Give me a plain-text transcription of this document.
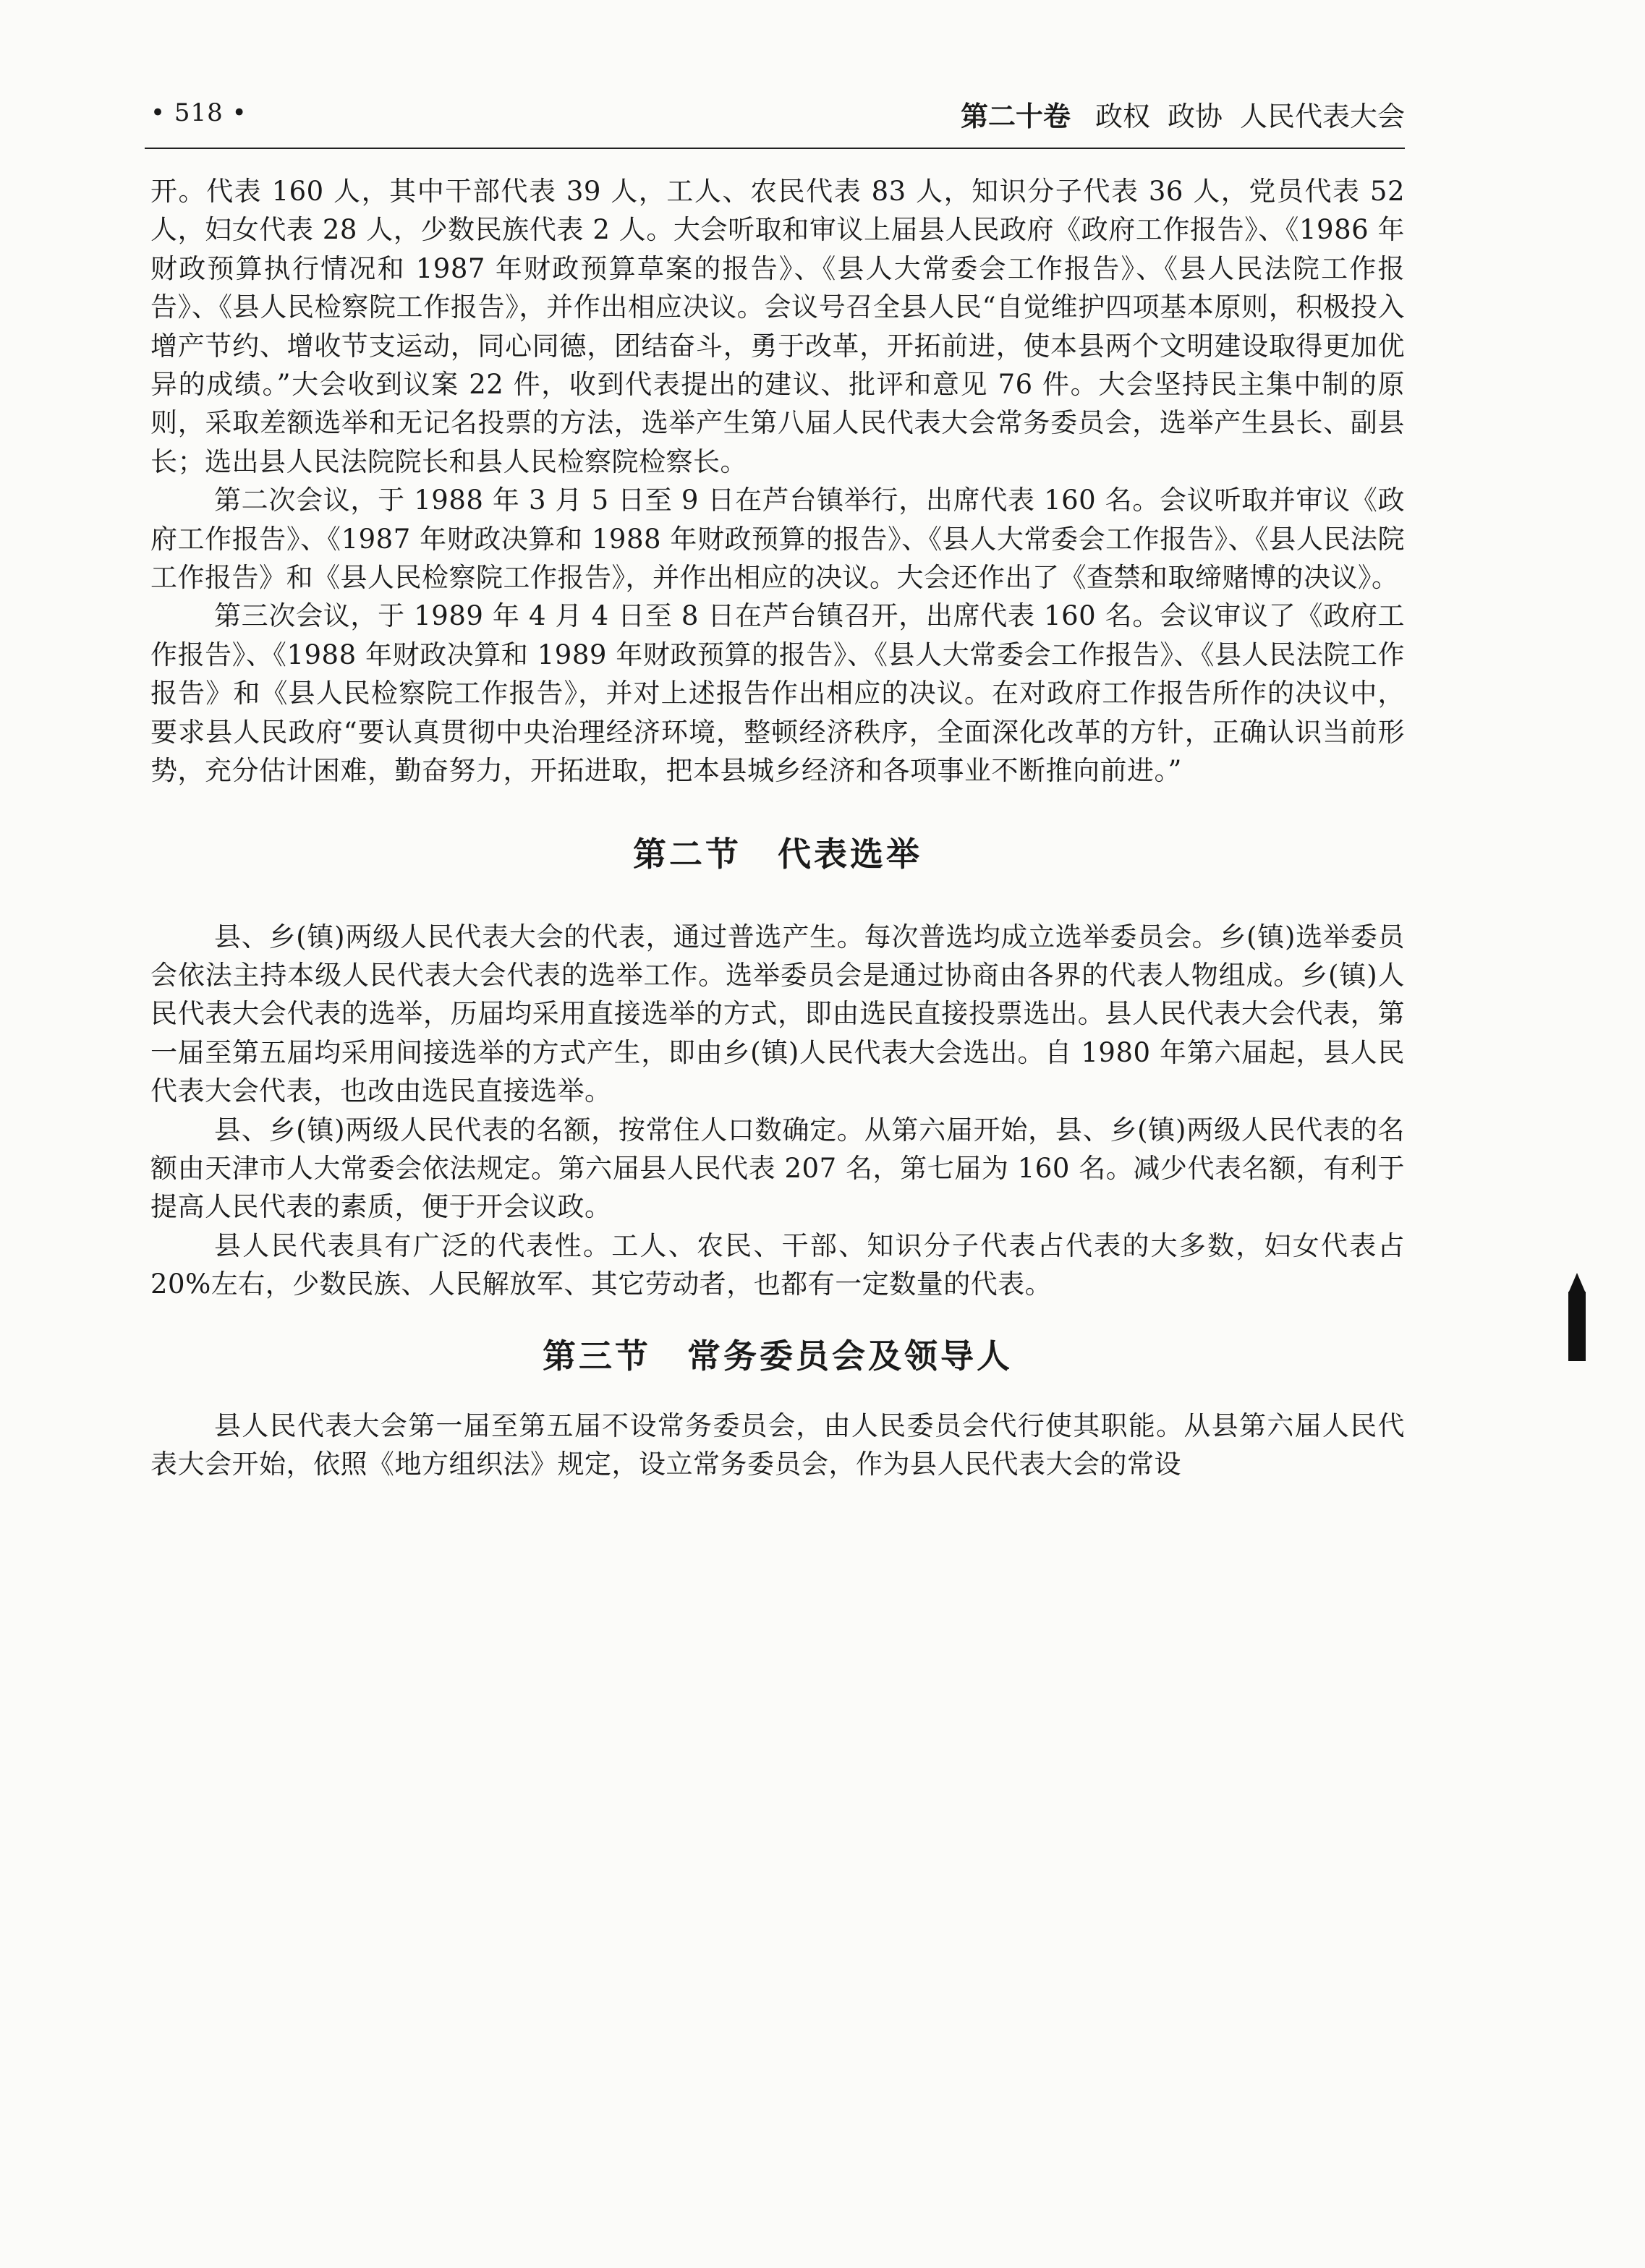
• 518 •	第二十卷 政权 政协 人民代表大会

开。代表 160 人，其中干部代表 39 人，工人、农民代表 83 人，知识分子代表 36 人，党员代表 52 人，妇女代表 28 人，少数民族代表 2 人。大会听取和审议上届县人民政府《政府工作报告》、《1986 年财政预算执行情况和 1987 年财政预算草案的报告》、《县人大常委会工作报告》、《县人民法院工作报告》、《县人民检察院工作报告》，并作出相应决议。会议号召全县人民“自觉维护四项基本原则，积极投入增产节约、增收节支运动，同心同德，团结奋斗，勇于改革，开拓前进，使本县两个文明建设取得更加优异的成绩。”大会收到议案 22 件，收到代表提出的建议、批评和意见 76 件。大会坚持民主集中制的原则，采取差额选举和无记名投票的方法，选举产生第八届人民代表大会常务委员会，选举产生县长、副县长；选出县人民法院院长和县人民检察院检察长。

第二次会议，于 1988 年 3 月 5 日至 9 日在芦台镇举行，出席代表 160 名。会议听取并审议《政府工作报告》、《1987 年财政决算和 1988 年财政预算的报告》、《县人大常委会工作报告》、《县人民法院工作报告》和《县人民检察院工作报告》，并作出相应的决议。大会还作出了《查禁和取缔赌博的决议》。

第三次会议，于 1989 年 4 月 4 日至 8 日在芦台镇召开，出席代表 160 名。会议审议了《政府工作报告》、《1988 年财政决算和 1989 年财政预算的报告》、《县人大常委会工作报告》、《县人民法院工作报告》和《县人民检察院工作报告》，并对上述报告作出相应的决议。在对政府工作报告所作的决议中，要求县人民政府“要认真贯彻中央治理经济环境，整顿经济秩序，全面深化改革的方针，正确认识当前形势，充分估计困难，勤奋努力，开拓进取，把本县城乡经济和各项事业不断推向前进。”

第二节　代表选举

县、乡(镇)两级人民代表大会的代表，通过普选产生。每次普选均成立选举委员会。乡(镇)选举委员会依法主持本级人民代表大会代表的选举工作。选举委员会是通过协商由各界的代表人物组成。乡(镇)人民代表大会代表的选举，历届均采用直接选举的方式，即由选民直接投票选出。县人民代表大会代表，第一届至第五届均采用间接选举的方式产生，即由乡(镇)人民代表大会选出。自 1980 年第六届起，县人民代表大会代表，也改由选民直接选举。

县、乡(镇)两级人民代表的名额，按常住人口数确定。从第六届开始，县、乡(镇)两级人民代表的名额由天津市人大常委会依法规定。第六届县人民代表 207 名，第七届为 160 名。减少代表名额，有利于提高人民代表的素质，便于开会议政。

县人民代表具有广泛的代表性。工人、农民、干部、知识分子代表占代表的大多数，妇女代表占 20%左右，少数民族、人民解放军、其它劳动者，也都有一定数量的代表。

第三节　常务委员会及领导人

县人民代表大会第一届至第五届不设常务委员会，由人民委员会代行使其职能。从县第六届人民代表大会开始，依照《地方组织法》规定，设立常务委员会，作为县人民代表大会的常设
